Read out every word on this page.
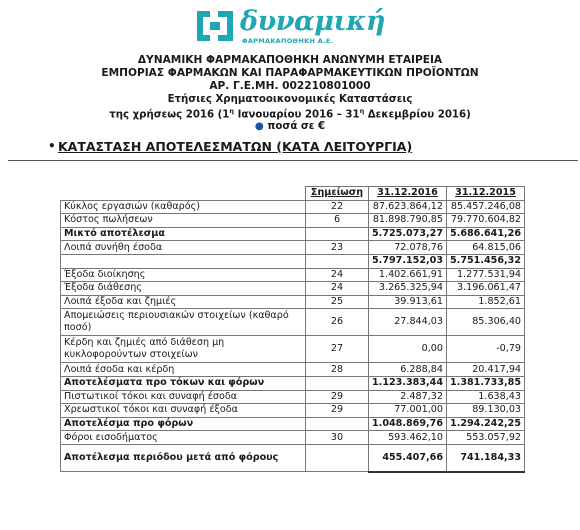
δυναμική
ΦΑΡΜΑΚΑΠΟΘΗΚΗ Α.Ε.
ΔΥΝΑΜΙΚΗ ΦΑΡΜΑΚΑΠΟΘΗΚΗ ΑΝΩΝΥΜΗ ΕΤΑΙΡΕΙΑ
ΕΜΠΟΡΙΑΣ ΦΑΡΜΑΚΩΝ ΚΑΙ ΠΑΡΑΦΑΡΜΑΚΕΥΤΙΚΩΝ ΠΡΟΪΟΝΤΩΝ
ΑΡ. Γ.Ε.ΜΗ. 002210801000
Ετήσιες Χρηματοοικονομικές Καταστάσεις
της χρήσεως 2016 ($1^\eta$ Ιανουαρίου $2016 - 31^\eta$ Δεκεμβρίου 2016)
● ποσά σε €
• ΚΑΤΑΣΤΑΣΗ ΑΠΟΤΕΛΕΣΜΑΤΩΝ (ΚΑΤΑ ΛΕΙΤΟΥΡΓΙΑ)
	Σημείωση	31.12.2016	31.12.2015
Κύκλος εργασιών (καθαρός)	22	87.623.864,12	85.457.246,08
Κόστος πωλήσεων	6	81.898.790,85	79.770.604,82
Μικτό αποτέλεσμα		5.725.073,27	5.686.641,26
Λοιπά συνήθη έσοδα	23	72.078,76	64.815,06
		5.797.152,03	5.751.456,32
Έξοδα διοίκησης	24	1.402.661,91	1.277.531,94
Έξοδα διάθεσης	24	3.265.325,94	3.196.061,47
Λοιπά έξοδα και ζημιές	25	39.913,61	1.852,61
Απομειώσεις περιουσιακών στοιχείων (καθαρό ποσό)	26	27.844,03	85.306,40
Κέρδη και ζημιές από διάθεση μη κυκλοφορούντων στοιχείων	27	0,00	-0,79
Λοιπά έσοδα και κέρδη	28	6.288,84	20.417,94
Αποτελέσματα προ τόκων και φόρων		1.123.383,44	1.381.733,85
Πιστωτικοί τόκοι και συναφή έσοδα	29	2.487,32	1.638,43
Χρεωστικοί τόκοι και συναφή έξοδα	29	77.001,00	89.130,03
Αποτελέσμα προ φόρων		1.048.869,76	1.294.242,25
Φόροι εισοδήματος	30	593.462,10	553.057,92
Αποτέλεσμα περιόδου μετά από φόρους		455.407,66	741.184,33
